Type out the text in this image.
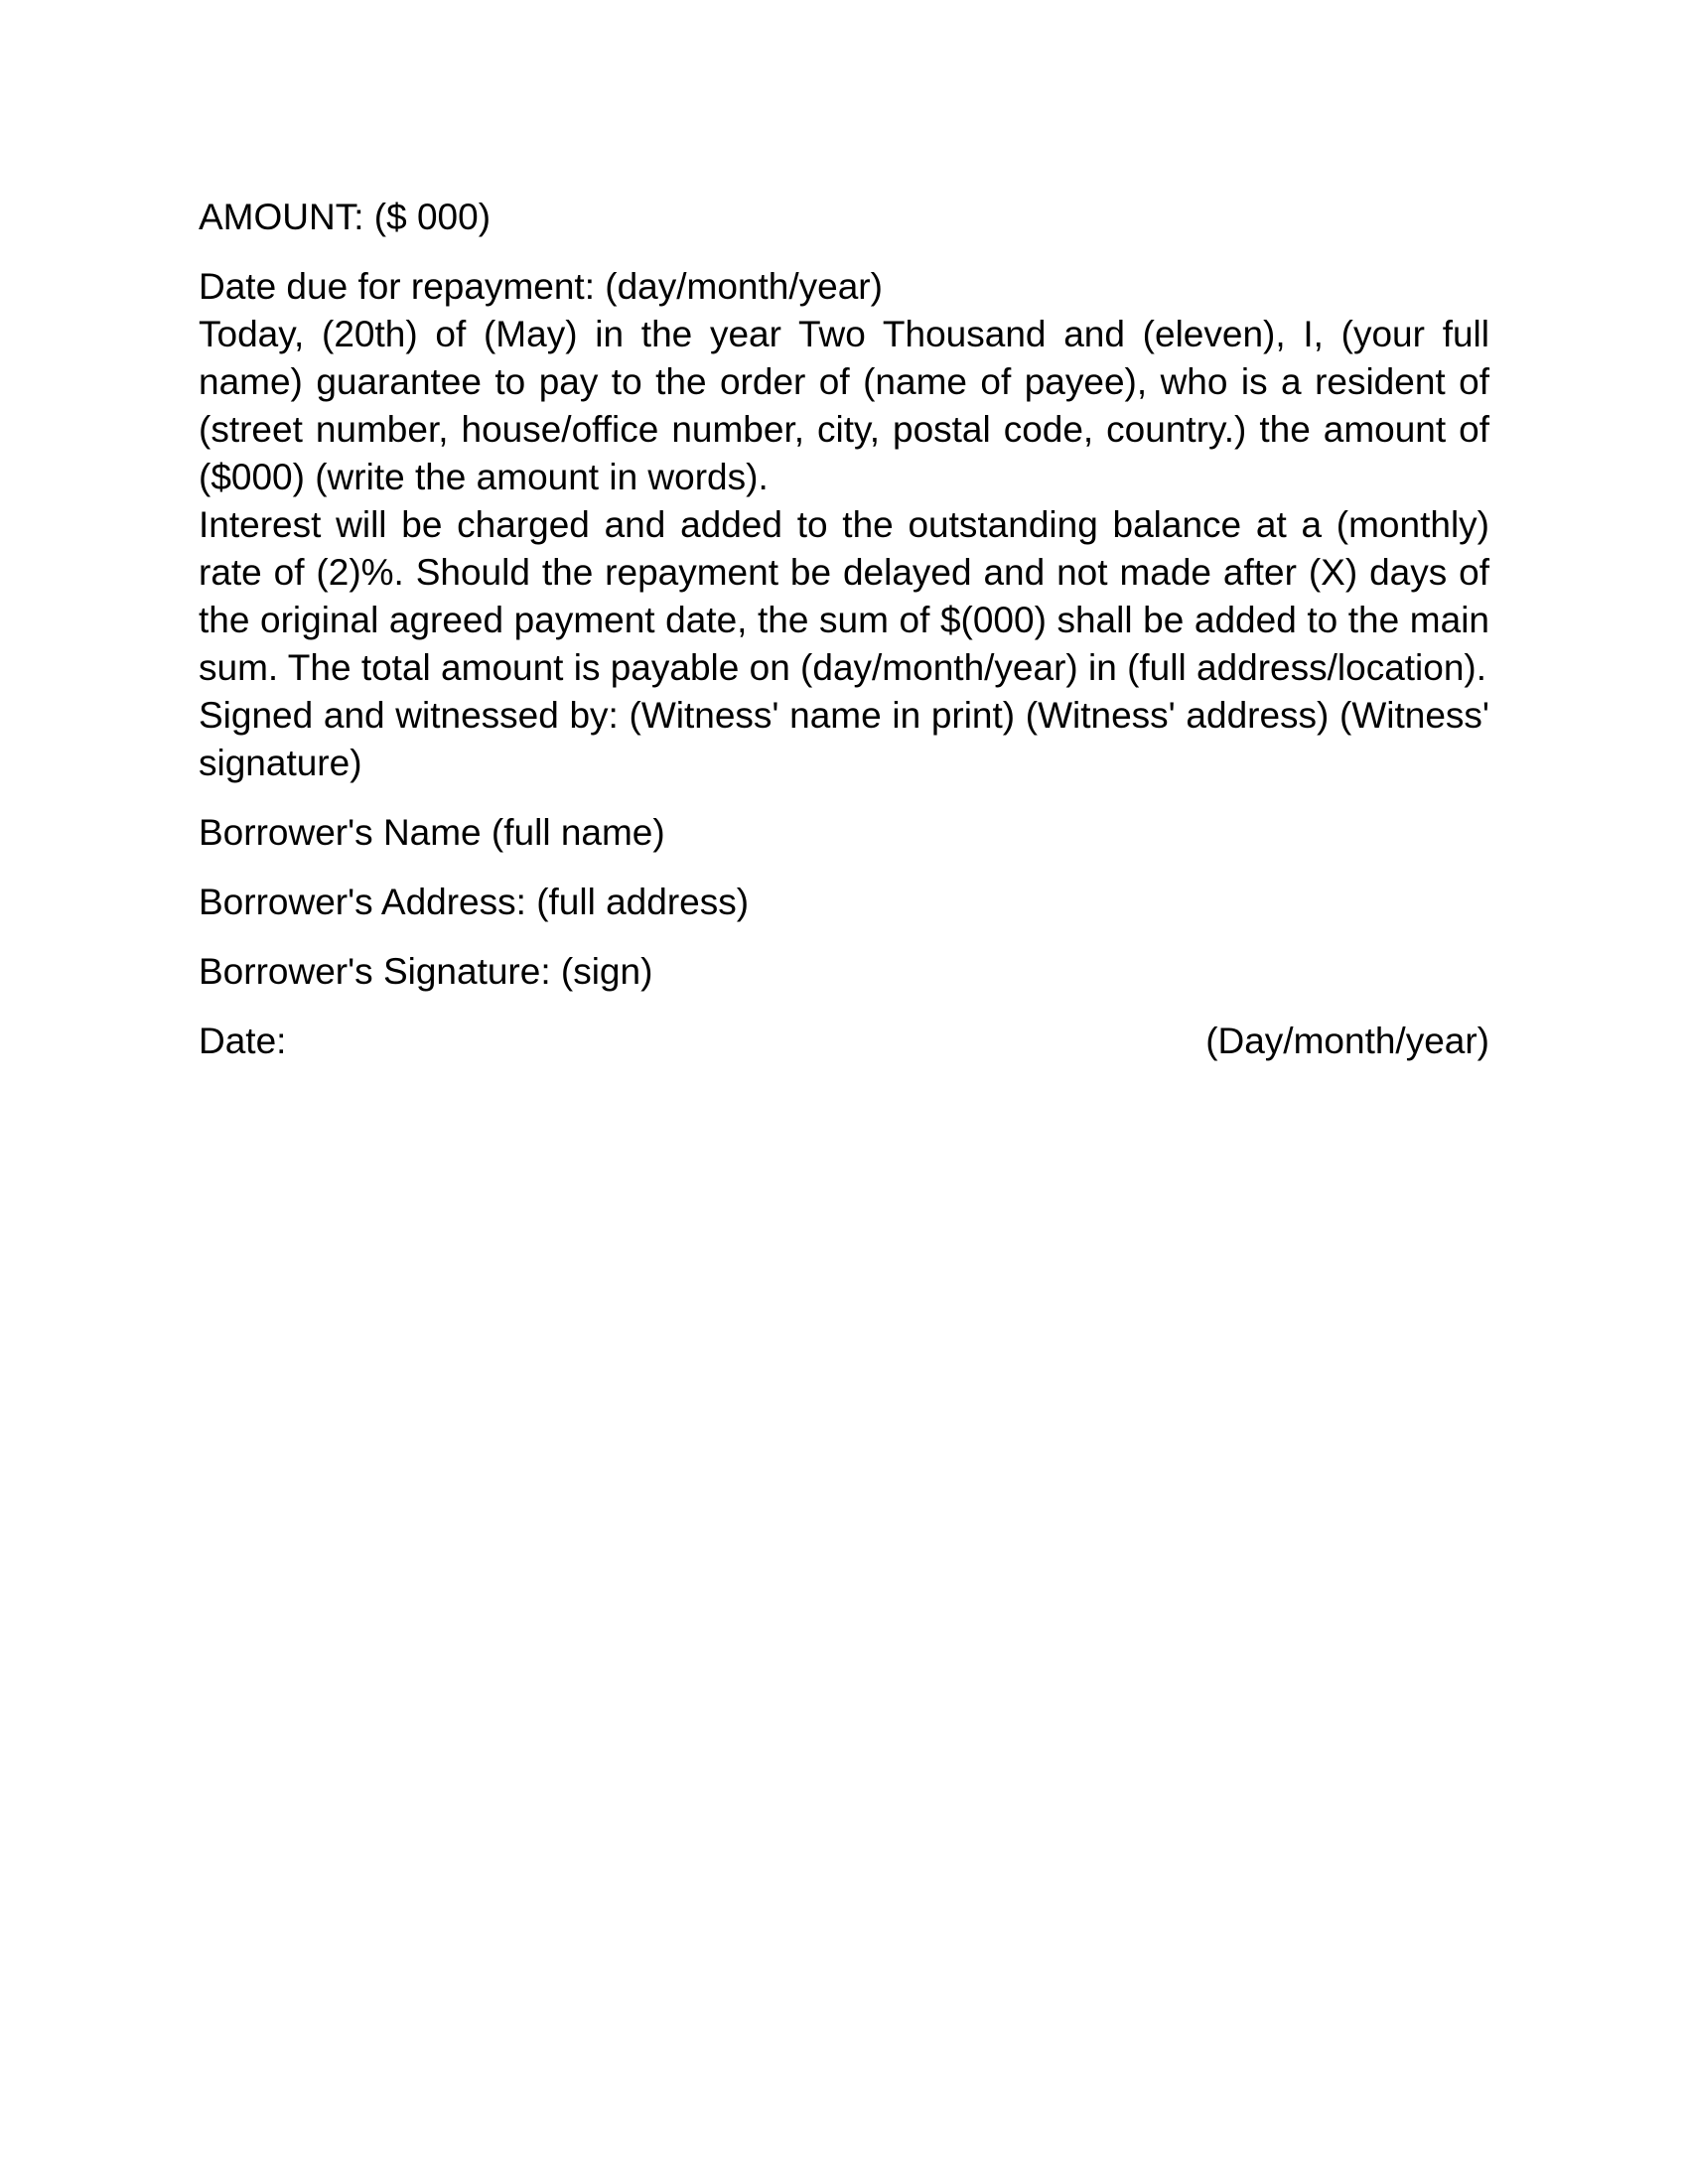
AMOUNT: ($ 000)

Date due for repayment: (day/month/year)

Today, (20th) of (May) in the year Two Thousand and (eleven), I, (your full name) guarantee to pay to the order of (name of payee), who is a resident of (street number, house/office number, city, postal code, country.) the amount of ($000) (write the amount in words).

Interest will be charged and added to the outstanding balance at a (monthly) rate of (2)%. Should the repayment be delayed and not made after (X) days of the original agreed payment date, the sum of $(000) shall be added to the main sum. The total amount is payable on (day/month/year) in (full address/location).

Signed and witnessed by: (Witness' name in print) (Witness' address) (Witness' signature)

Borrower's Name (full name)

Borrower's Address: (full address)

Borrower's Signature: (sign)

Date:	(Day/month/year)
